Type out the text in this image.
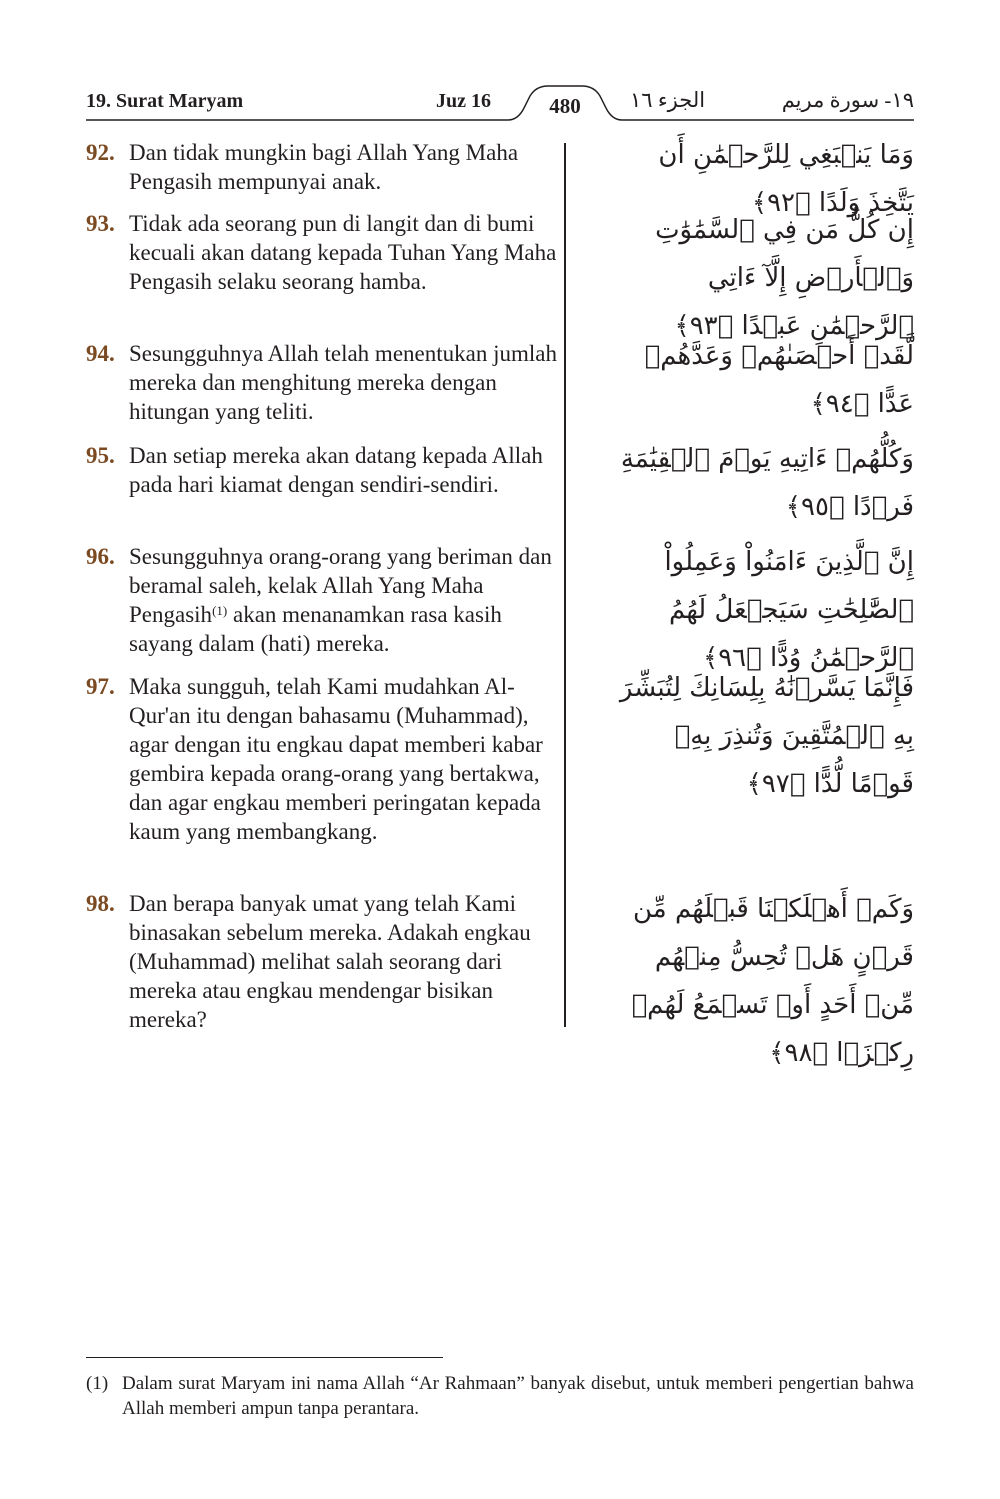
19. Surat Maryam	Juz 16	480	الجزء ١٦	١٩- سورة مريم
92. Dan tidak mungkin bagi Allah Yang Maha Pengasih mempunyai anak.
وَمَا يَنۢبَغِي لِلرَّحۡمَٰنِ أَن يَتَّخِذَ وَلَدًا ﴿٩٢﴾
93. Tidak ada seorang pun di langit dan di bumi kecuali akan datang kepada Tuhan Yang Maha Pengasih selaku seorang hamba.
إِن كُلُّ مَن فِي ٱلسَّمَٰوَٰتِ وَٱلۡأَرۡضِ إِلَّآ ءَاتِي ٱلرَّحۡمَٰنِ عَبۡدًا ﴿٩٣﴾
94. Sesungguhnya Allah telah menentukan jumlah mereka dan menghitung mereka dengan hitungan yang teliti.
لَّقَدۡ أَحۡصَىٰهُمۡ وَعَدَّهُمۡ عَدًّا ﴿٩٤﴾
95. Dan setiap mereka akan datang kepada Allah pada hari kiamat dengan sendiri-sendiri.
وَكُلُّهُمۡ ءَاتِيهِ يَوۡمَ ٱلۡقِيَٰمَةِ فَرۡدًا ﴿٩٥﴾
96. Sesungguhnya orang-orang yang beriman dan beramal saleh, kelak Allah Yang Maha Pengasih$^{(1)}$ akan menanamkan rasa kasih sayang dalam (hati) mereka.
إِنَّ ٱلَّذِينَ ءَامَنُواْ وَعَمِلُواْ ٱلصَّٰلِحَٰتِ سَيَجۡعَلُ لَهُمُ ٱلرَّحۡمَٰنُ وُدًّا ﴿٩٦﴾
97. Maka sungguh, telah Kami mudahkan Al-Qur'an itu dengan bahasamu (Muhammad), agar dengan itu engkau dapat memberi kabar gembira kepada orang-orang yang bertakwa, dan agar engkau memberi peringatan kepada kaum yang membangkang.
فَإِنَّمَا يَسَّرۡنَٰهُ بِلِسَانِكَ لِتُبَشِّرَ بِهِ ٱلۡمُتَّقِينَ وَتُنذِرَ بِهِۦ قَوۡمًا لُّدًّا ﴿٩٧﴾
98. Dan berapa banyak umat yang telah Kami binasakan sebelum mereka. Adakah engkau (Muhammad) melihat salah seorang dari mereka atau engkau mendengar bisikan mereka?
وَكَمۡ أَهۡلَكۡنَا قَبۡلَهُم مِّن قَرۡنٍ هَلۡ تُحِسُّ مِنۡهُم مِّنۡ أَحَدٍ أَوۡ تَسۡمَعُ لَهُمۡ رِكۡزَۢا ﴿٩٨﴾
(1) Dalam surat Maryam ini nama Allah “Ar Rahmaan” banyak disebut, untuk memberi pengertian bahwa Allah memberi ampun tanpa perantara.
